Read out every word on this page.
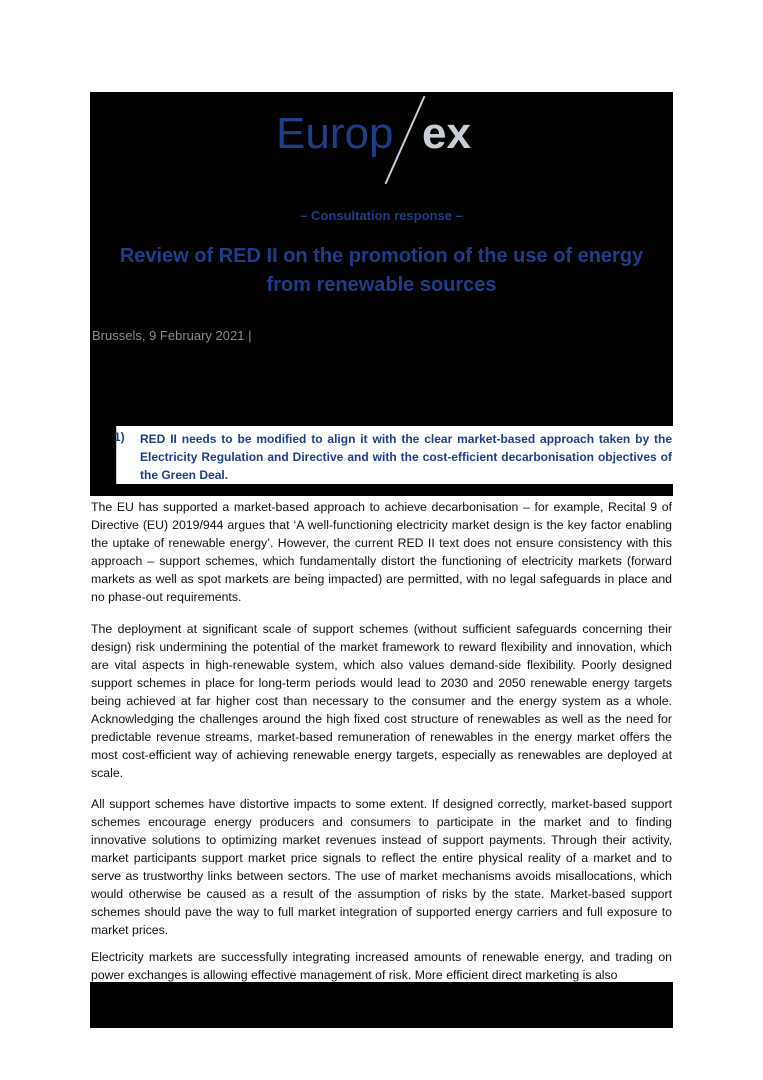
Europ ex
– Consultation response –
Review of RED II on the promotion of the use of energy from renewable sources
Brussels, 9 February 2021 |
1) RED II needs to be modified to align it with the clear market-based approach taken by the Electricity Regulation and Directive and with the cost-efficient decarbonisation objectives of the Green Deal.

The EU has supported a market-based approach to achieve decarbonisation – for example, Recital 9 of Directive (EU) 2019/944 argues that ‘A well-functioning electricity market design is the key factor enabling the uptake of renewable energy’. However, the current RED II text does not ensure consistency with this approach – support schemes, which fundamentally distort the functioning of electricity markets (forward markets as well as spot markets are being impacted) are permitted, with no legal safeguards in place and no phase-out requirements.

The deployment at significant scale of support schemes (without sufficient safeguards concerning their design) risk undermining the potential of the market framework to reward flexibility and innovation, which are vital aspects in high-renewable system, which also values demand-side flexibility. Poorly designed support schemes in place for long-term periods would lead to 2030 and 2050 renewable energy targets being achieved at far higher cost than necessary to the consumer and the energy system as a whole. Acknowledging the challenges around the high fixed cost structure of renewables as well as the need for predictable revenue streams, market-based remuneration of renewables in the energy market offers the most cost-efficient way of achieving renewable energy targets, especially as renewables are deployed at scale.

All support schemes have distortive impacts to some extent. If designed correctly, market-based support schemes encourage energy producers and consumers to participate in the market and to finding innovative solutions to optimizing market revenues instead of support payments. Through their activity, market participants support market price signals to reflect the entire physical reality of a market and to serve as trustworthy links between sectors. The use of market mechanisms avoids misallocations, which would otherwise be caused as a result of the assumption of risks by the state. Market-based support schemes should pave the way to full market integration of supported energy carriers and full exposure to market prices.

Electricity markets are successfully integrating increased amounts of renewable energy, and trading on power exchanges is allowing effective management of risk. More efficient direct marketing is also
